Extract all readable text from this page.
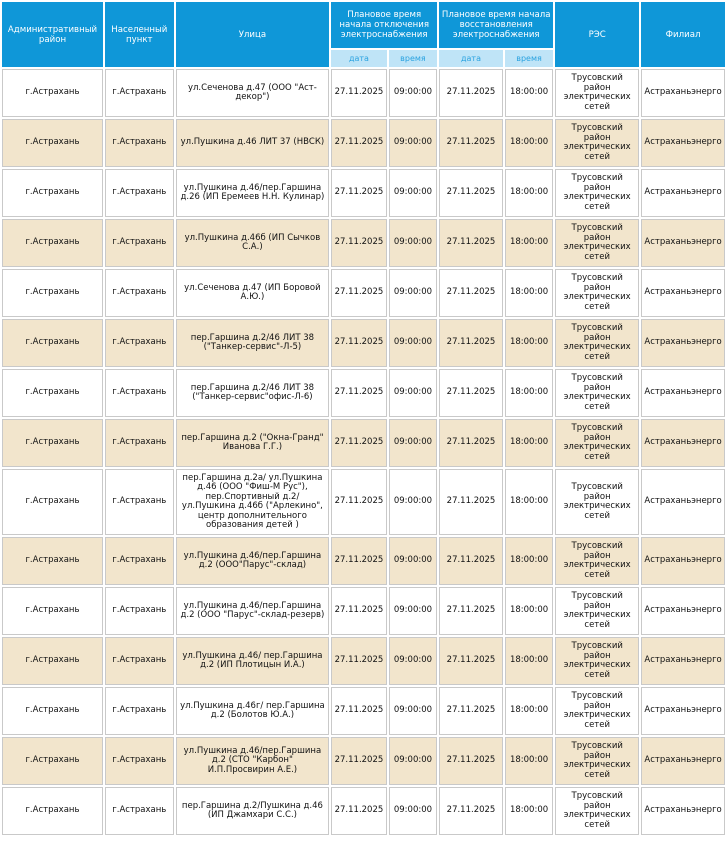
Административный район	Населенный пункт	Улица	Плановое время начала отключения электроснабжения		Плановое время начала восстановления электроснабжения		РЭС	Филиал
			дата	время	дата	время		
г.Астрахань	г.Астрахань	ул.Сеченова д.47 (ООО "Аст-декор")	27.11.2025	09:00:00	27.11.2025	18:00:00	Трусовский район электрических сетей	Астраханьэнерго
г.Астрахань	г.Астрахань	ул.Пушкина д.46 ЛИТ 37 (НВСК)	27.11.2025	09:00:00	27.11.2025	18:00:00	Трусовский район электрических сетей	Астраханьэнерго
г.Астрахань	г.Астрахань	ул.Пушкина д.46/пер.Гаршина д.26 (ИП Еремеев Н.Н. Кулинар)	27.11.2025	09:00:00	27.11.2025	18:00:00	Трусовский район электрических сетей	Астраханьэнерго
г.Астрахань	г.Астрахань	ул.Пушкина д.46б (ИП Сычков С.А.)	27.11.2025	09:00:00	27.11.2025	18:00:00	Трусовский район электрических сетей	Астраханьэнерго
г.Астрахань	г.Астрахань	ул.Сеченова д.47 (ИП Боровой А.Ю.)	27.11.2025	09:00:00	27.11.2025	18:00:00	Трусовский район электрических сетей	Астраханьэнерго
г.Астрахань	г.Астрахань	пер.Гаршина д.2/46 ЛИТ 38 ("Танкер-сервис"-Л-5)	27.11.2025	09:00:00	27.11.2025	18:00:00	Трусовский район электрических сетей	Астраханьэнерго
г.Астрахань	г.Астрахань	пер.Гаршина д.2/46 ЛИТ 38 ("Танкер-сервис"офис-Л-6)	27.11.2025	09:00:00	27.11.2025	18:00:00	Трусовский район электрических сетей	Астраханьэнерго
г.Астрахань	г.Астрахань	пер.Гаршина д.2 ("Окна-Гранд" Иванова Г.Г.)	27.11.2025	09:00:00	27.11.2025	18:00:00	Трусовский район электрических сетей	Астраханьэнерго
г.Астрахань	г.Астрахань	пер.Гаршина д.2а/ ул.Пушкина д.46 (ООО "Фиш-М Рус"), пер.Спортивный д.2/ ул.Пушкина д.46б ("Арлекино", центр дополнительного образования детей )	27.11.2025	09:00:00	27.11.2025	18:00:00	Трусовский район электрических сетей	Астраханьэнерго
г.Астрахань	г.Астрахань	ул.Пушкина д.46/пер.Гаршина д.2 (ООО"Парус"-склад)	27.11.2025	09:00:00	27.11.2025	18:00:00	Трусовский район электрических сетей	Астраханьэнерго
г.Астрахань	г.Астрахань	ул.Пушкина д.46/пер.Гаршина д.2 (ООО "Парус"-склад-резерв)	27.11.2025	09:00:00	27.11.2025	18:00:00	Трусовский район электрических сетей	Астраханьэнерго
г.Астрахань	г.Астрахань	ул.Пушкина д.46/ пер.Гаршина д.2 (ИП Плотицын И.А.)	27.11.2025	09:00:00	27.11.2025	18:00:00	Трусовский район электрических сетей	Астраханьэнерго
г.Астрахань	г.Астрахань	ул.Пушкина д.46г/ пер.Гаршина д.2 (Болотов Ю.А.)	27.11.2025	09:00:00	27.11.2025	18:00:00	Трусовский район электрических сетей	Астраханьэнерго
г.Астрахань	г.Астрахань	ул.Пушкина д.46/пер.Гаршина д.2 (СТО "Карбон" И.П.Просвирин А.Е.)	27.11.2025	09:00:00	27.11.2025	18:00:00	Трусовский район электрических сетей	Астраханьэнерго
г.Астрахань	г.Астрахань	пер.Гаршина д.2/Пушкина д.46 (ИП Джамхари С.С.)	27.11.2025	09:00:00	27.11.2025	18:00:00	Трусовский район электрических сетей	Астраханьэнерго
